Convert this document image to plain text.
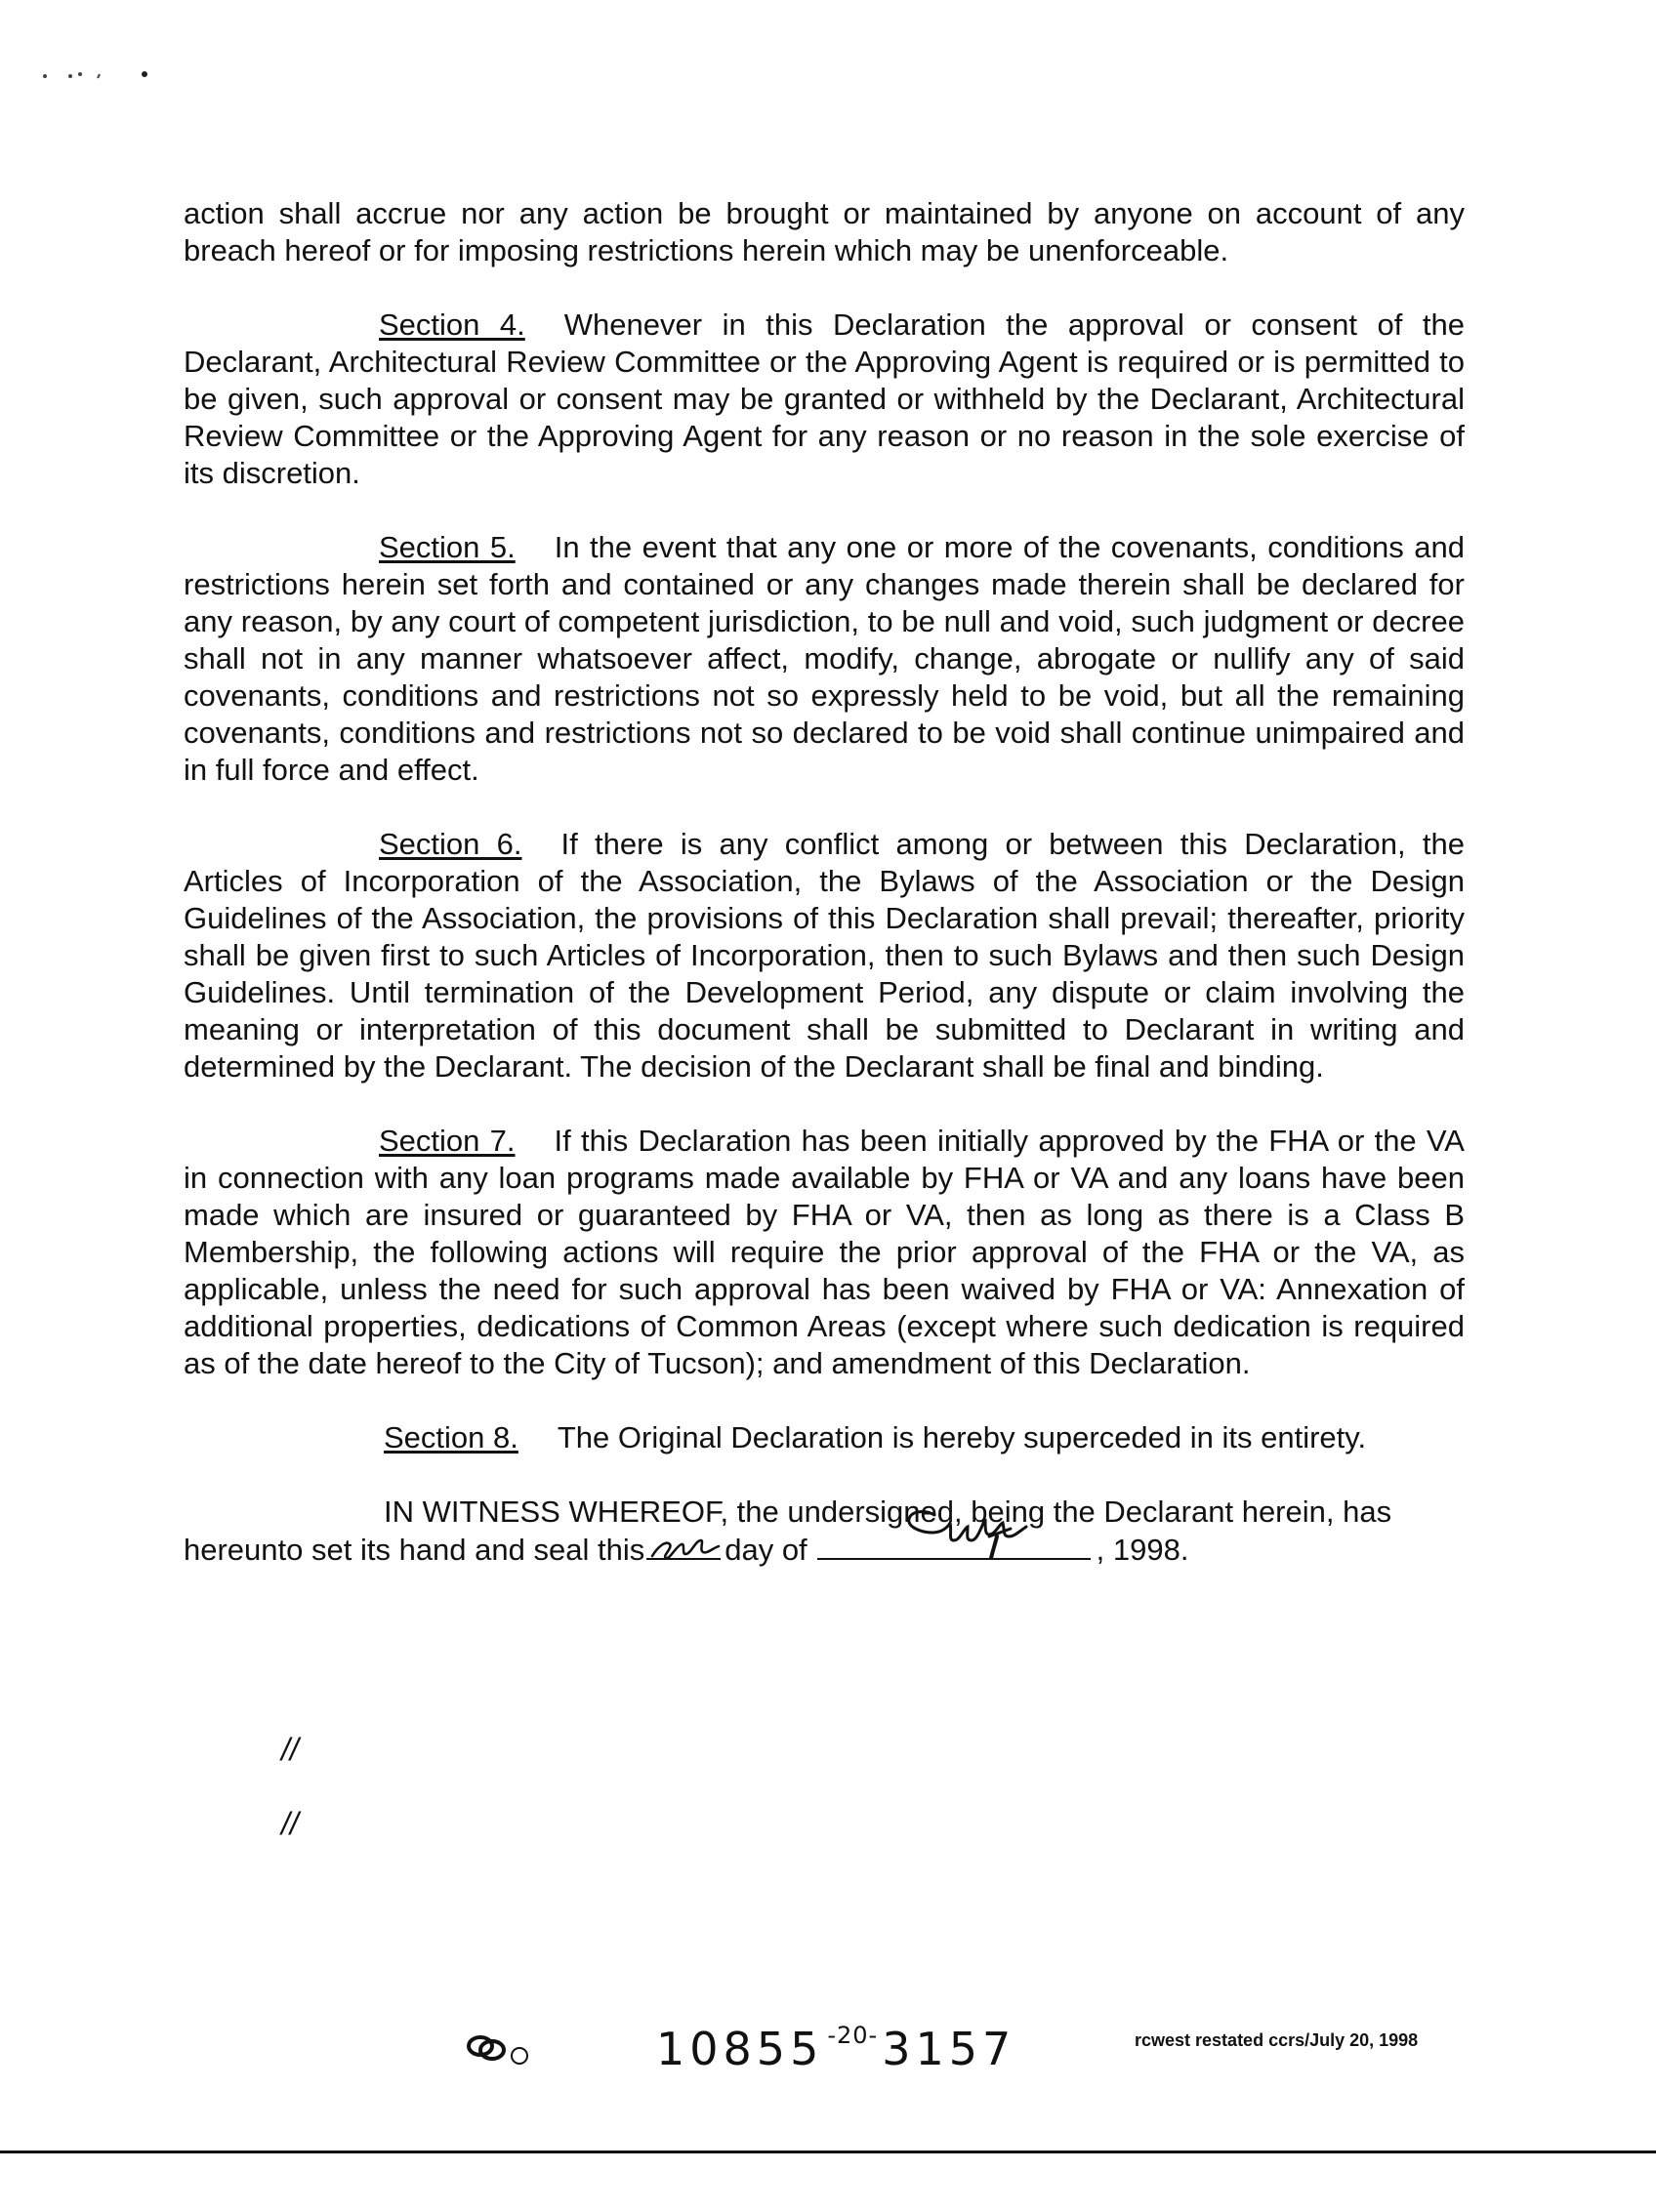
action shall accrue nor any action be brought or maintained by anyone on account of any breach hereof or for imposing restrictions herein which may be unenforceable.

Section 4. Whenever in this Declaration the approval or consent of the Declarant, Architectural Review Committee or the Approving Agent is required or is permitted to be given, such approval or consent may be granted or withheld by the Declarant, Architectural Review Committee or the Approving Agent for any reason or no reason in the sole exercise of its discretion.

Section 5. In the event that any one or more of the covenants, conditions and restrictions herein set forth and contained or any changes made therein shall be declared for any reason, by any court of competent jurisdiction, to be null and void, such judgment or decree shall not in any manner whatsoever affect, modify, change, abrogate or nullify any of said covenants, conditions and restrictions not so expressly held to be void, but all the remaining covenants, conditions and restrictions not so declared to be void shall continue unimpaired and in full force and effect.

Section 6. If there is any conflict among or between this Declaration, the Articles of Incorporation of the Association, the Bylaws of the Association or the Design Guidelines of the Association, the provisions of this Declaration shall prevail; thereafter, priority shall be given first to such Articles of Incorporation, then to such Bylaws and then such Design Guidelines. Until termination of the Development Period, any dispute or claim involving the meaning or interpretation of this document shall be submitted to Declarant in writing and determined by the Declarant. The decision of the Declarant shall be final and binding.

Section 7. If this Declaration has been initially approved by the FHA or the VA in connection with any loan programs made available by FHA or VA and any loans have been made which are insured or guaranteed by FHA or VA, then as long as there is a Class B Membership, the following actions will require the prior approval of the FHA or the VA, as applicable, unless the need for such approval has been waived by FHA or VA: Annexation of additional properties, dedications of Common Areas (except where such dedication is required as of the date hereof to the City of Tucson); and amendment of this Declaration.

Section 8. The Original Declaration is hereby superceded in its entirety.

IN WITNESS WHEREOF, the undersigned, being the Declarant herein, has hereunto set its hand and seal this	day of	, 1998.

//
//
10855 $^{-20-}$3157	rcwest restated ccrs/July 20, 1998
